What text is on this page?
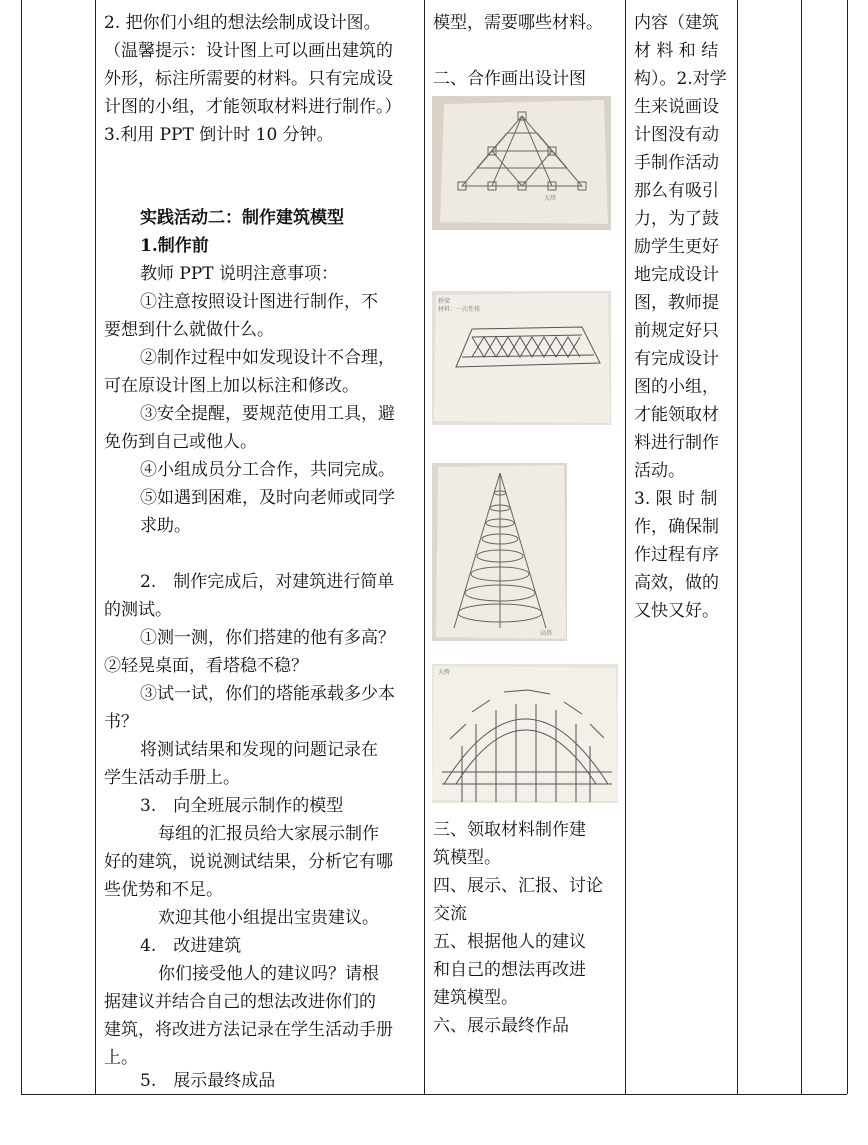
2. 把你们小组的想法绘制成设计图。
（温馨提示：设计图上可以画出建筑的
外形，标注所需要的材料。只有完成设
计图的小组，才能领取材料进行制作。）
3.利用 PPT 倒计时 10 分钟。
实践活动二：制作建筑模型
1.制作前
教师 PPT 说明注意事项：
①注意按照设计图进行制作，不
要想到什么就做什么。
②制作过程中如发现设计不合理，
可在原设计图上加以标注和修改。
③安全提醒，要规范使用工具，避
免伤到自己或他人。
④小组成员分工合作，共同完成。
⑤如遇到困难，及时向老师或同学
求助。
2.　制作完成后，对建筑进行简单
的测试。
①测一测，你们搭建的他有多高？
②轻晃桌面，看塔稳不稳？
③试一试，你们的塔能承载多少本
书？
将测试结果和发现的问题记录在
学生活动手册上。
3.　向全班展示制作的模型
每组的汇报员给大家展示制作
好的建筑，说说测试结果，分析它有哪
些优势和不足。
欢迎其他小组提出宝贵建议。
4.　改进建筑
你们接受他人的建议吗？请根
据建议并结合自己的想法改进你们的
建筑，将改进方法记录在学生活动手册
上。
5.　展示最终成品
模型，需要哪些材料。
二、合作画出设计图
大塔
桥梁
材料：一次性筷
高塔
大桥
三、领取材料制作建
筑模型。
四、展示、汇报、讨论
交流
五、根据他人的建议
和自己的想法再改进
建筑模型。
六、展示最终作品
内容（建筑
材 料 和 结
构）。2.对学
生来说画设
计图没有动
手制作活动
那么有吸引
力，为了鼓
励学生更好
地完成设计
图，教师提
前规定好只
有完成设计
图的小组，
才能领取材
料进行制作
活动。
3. 限 时 制
作，确保制
作过程有序
高效，做的
又快又好。
